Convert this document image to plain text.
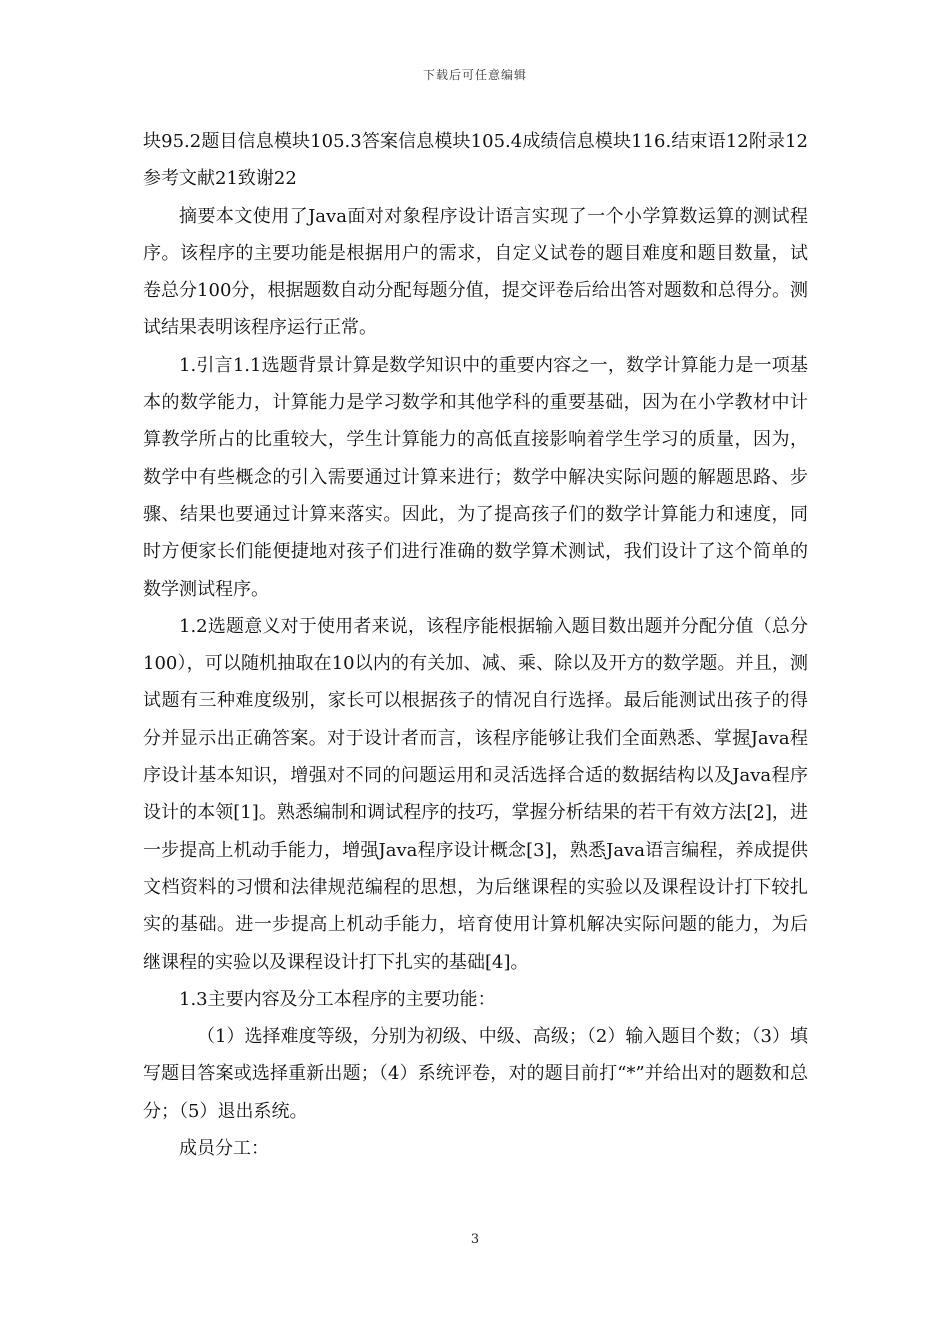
下载后可任意编辑

块95.2题目信息模块105.3答案信息模块105.4成绩信息模块116.结束语12附录12参考文献21致谢22

摘要本文使用了Java面对对象程序设计语言实现了一个小学算数运算的测试程序。该程序的主要功能是根据用户的需求，自定义试卷的题目难度和题目数量，试卷总分100分，根据题数自动分配每题分值，提交评卷后给出答对题数和总得分。测试结果表明该程序运行正常。

1.引言1.1选题背景计算是数学知识中的重要内容之一，数学计算能力是一项基本的数学能力，计算能力是学习数学和其他学科的重要基础，因为在小学教材中计算教学所占的比重较大，学生计算能力的高低直接影响着学生学习的质量，因为，数学中有些概念的引入需要通过计算来进行；数学中解决实际问题的解题思路、步骤、结果也要通过计算来落实。因此，为了提高孩子们的数学计算能力和速度，同时方便家长们能便捷地对孩子们进行准确的数学算术测试，我们设计了这个简单的数学测试程序。

1.2选题意义对于使用者来说，该程序能根据输入题目数出题并分配分值（总分100），可以随机抽取在10以内的有关加、减、乘、除以及开方的数学题。并且，测试题有三种难度级别，家长可以根据孩子的情况自行选择。最后能测试出孩子的得分并显示出正确答案。对于设计者而言，该程序能够让我们全面熟悉、掌握Java程序设计基本知识，增强对不同的问题运用和灵活选择合适的数据结构以及Java程序设计的本领[1]。熟悉编制和调试程序的技巧，掌握分析结果的若干有效方法[2]，进一步提高上机动手能力，增强Java程序设计概念[3]，熟悉Java语言编程，养成提供文档资料的习惯和法律规范编程的思想，为后继课程的实验以及课程设计打下较扎实的基础。进一步提高上机动手能力，培育使用计算机解决实际问题的能力，为后继课程的实验以及课程设计打下扎实的基础[4]。

1.3主要内容及分工本程序的主要功能：

（1）选择难度等级，分别为初级、中级、高级；（2）输入题目个数；（3）填写题目答案或选择重新出题；（4）系统评卷，对的题目前打“*”并给出对的题数和总分；（5）退出系统。

成员分工：

3
